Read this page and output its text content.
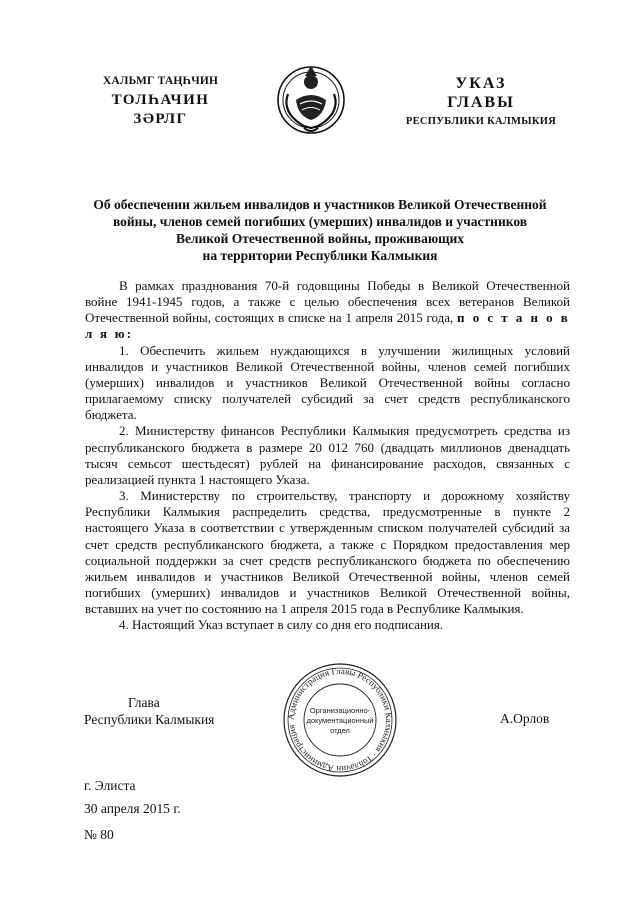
ХАЛЬМГ ТАҢҺЧИН
ТОЛҺАЧИН
ЗӘРЛГ
УКАЗ
ГЛАВЫ
РЕСПУБЛИКИ КАЛМЫКИЯ
Об обеспечении жильем инвалидов и участников Великой Отечественной
войны, членов семей погибших (умерших) инвалидов и участников
Великой Отечественной войны, проживающих
на территории Республики Калмыкия

В рамках празднования 70-й годовщины Победы в Великой Отечественной войне 1941-1945 годов, а также с целью обеспечения всех ветеранов Великой Отечественной войны, состоящих в списке на 1 апреля 2015 года, п о с т а н о в л я ю:

1. Обеспечить жильем нуждающихся в улучшении жилищных условий инвалидов и участников Великой Отечественной войны, членов семей погибших (умерших) инвалидов и участников Великой Отечественной войны согласно прилагаемому списку получателей субсидий за счет средств республиканского бюджета.

2. Министерству финансов Республики Калмыкия предусмотреть средства из республиканского бюджета в размере 20 012 760 (двадцать миллионов двенадцать тысяч семьсот шестьдесят) рублей на финансирование расходов, связанных с реализацией пункта 1 настоящего Указа.

3. Министерству по строительству, транспорту и дорожному хозяйству Республики Калмыкия распределить средства, предусмотренные в пункте 2 настоящего Указа в соответствии с утвержденным списком получателей субсидий за счет средств республиканского бюджета, а также с Порядком предоставления мер социальной поддержки за счет средств республиканского бюджета по обеспечению жильем инвалидов и участников Великой Отечественной войны, членов семей погибших (умерших) инвалидов и участников Великой Отечественной войны, вставших на учет по состоянию на 1 апреля 2015 года в Республике Калмыкия.

4. Настоящий Указ вступает в силу со дня его подписания.

Глава
Республики Калмыкия	Администрация Главы Республики Калмыкия · Тоһлачин Администрация
Организационно-
документационный
отдел
А.Орлов
г. Элиста
30 апреля 2015 г.
№ 80
